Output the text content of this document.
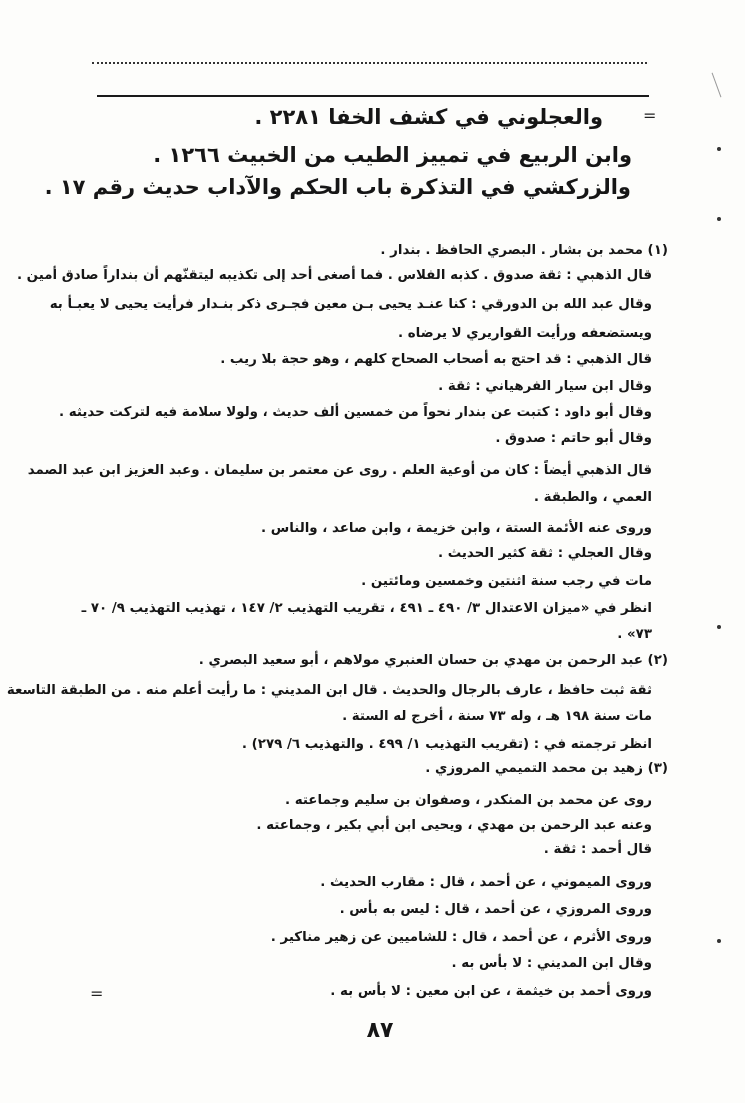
=
والعجلوني في كشف الخفا ٢٢٨١ .
وابن الربيع في تمييز الطيب من الخبيث ١٢٦٦ .
والزركشي في التذكرة باب الحكم والآداب حديث رقم ١٧ .
(١) محمد بن بشار . البصري الحافظ . بندار .
قال الذهبي : ثقة صدوق . كذبه الفلاس . فما أصغى أحد إلى تكذيبه ليتقنّهم أن بنداراً صادق أمين .
وقال عبد الله بن الدورقي : كنا عنـد يحيى بـن معين فجـرى ذكر بنـدار فرأيت يحيى لا يعبـأ به
ويستضعفه ورأيت القواريري لا يرضاه .
قال الذهبي : قد احتج به أصحاب الصحاح كلهم ، وهو حجة بلا ريب .
وقال ابن سيار الفرهياني : ثقة .
وقال أبو داود : كتبت عن بندار نحواً من خمسين ألف حديث ، ولولا سلامة فيه لتركت حديثه .
وقال أبو حاتم : صدوق .
قال الذهبي أيضاً : كان من أوعية العلم . روى عن معتمر بن سليمان . وعبد العزيز ابن عبد الصمد
العمي ، والطبقة .
وروى عنه الأئمة الستة ، وابن خزيمة ، وابن صاعد ، والناس .
وقال العجلي : ثقة كثير الحديث .
مات في رجب سنة اثنتين وخمسين ومائتين .
انظر في «ميزان الاعتدال ٣/ ٤٩٠ ـ ٤٩١ ، تقريب التهذيب ٢/ ١٤٧ ، تهذيب التهذيب ٩/ ٧٠ ـ
٧٣» .
(٢) عبد الرحمن بن مهدي بن حسان العنبري مولاهم ، أبو سعيد البصري .
ثقة ثبت حافظ ، عارف بالرجال والحديث . قال ابن المديني : ما رأيت أعلم منه . من الطبقة التاسعة
مات سنة ١٩٨ هـ ، وله ٧٣ سنة ، أخرج له الستة .
انظر ترجمته في : (تقريب التهذيب ١/ ٤٩٩ . والتهذيب ٦/ ٢٧٩) .
(٣) زهيد بن محمد التميمي المروزي .
روى عن محمد بن المنكدر ، وصفوان بن سليم وجماعته .
وعنه عبد الرحمن بن مهدي ، ويحيى ابن أبي بكير ، وجماعته .
قال أحمد : ثقة .
وروى الميموني ، عن أحمد ، قال : مقارب الحديث .
وروى المروزي ، عن أحمد ، قال : ليس به بأس .
وروى الأثرم ، عن أحمد ، قال : للشاميين عن زهير مناكير .
وقال ابن المديني : لا بأس به .
وروى أحمد بن خيثمة ، عن ابن معين : لا بأس به .
=
٨٧
